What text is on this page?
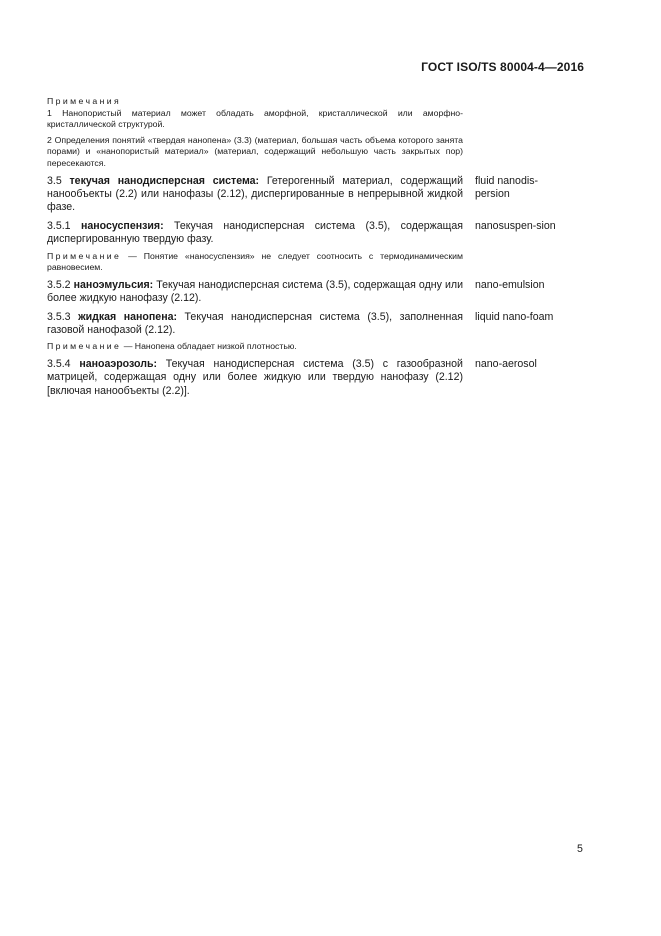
ГОСТ ISO/TS 80004-4—2016
Примечания
1 Нанопористый материал может обладать аморфной, кристаллической или аморфно-кристаллической структурой.
2 Определения понятий «твердая нанопена» (3.3) (материал, большая часть объема которого занята порами) и «нанопористый материал» (материал, содержащий небольшую часть закрытых пор) пересекаются.
3.5 текучая нанодисперсная система: Гетерогенный материал, содержащий нанообъекты (2.2) или нанофазы (2.12), диспергированные в непрерывной жидкой фазе.
fluid nanodis-persion
3.5.1 наносуспензия: Текучая нанодисперсная система (3.5), содержащая диспергированную твердую фазу.
nanosuspen-sion
Примечание — Понятие «наносуспензия» не следует соотносить с термодинамическим равновесием.
3.5.2 наноэмульсия: Текучая нанодисперсная система (3.5), содержащая одну или более жидкую нанофазу (2.12).
nano-emulsion
3.5.3 жидкая нанопена: Текучая нанодисперсная система (3.5), заполненная газовой нанофазой (2.12).
liquid nano-foam
Примечание — Нанопена обладает низкой плотностью.
3.5.4 наноаэрозоль: Текучая нанодисперсная система (3.5) с газообразной матрицей, содержащая одну или более жидкую или твердую нанофазу (2.12) [включая нанообъекты (2.2)].
nano-aerosol
5
